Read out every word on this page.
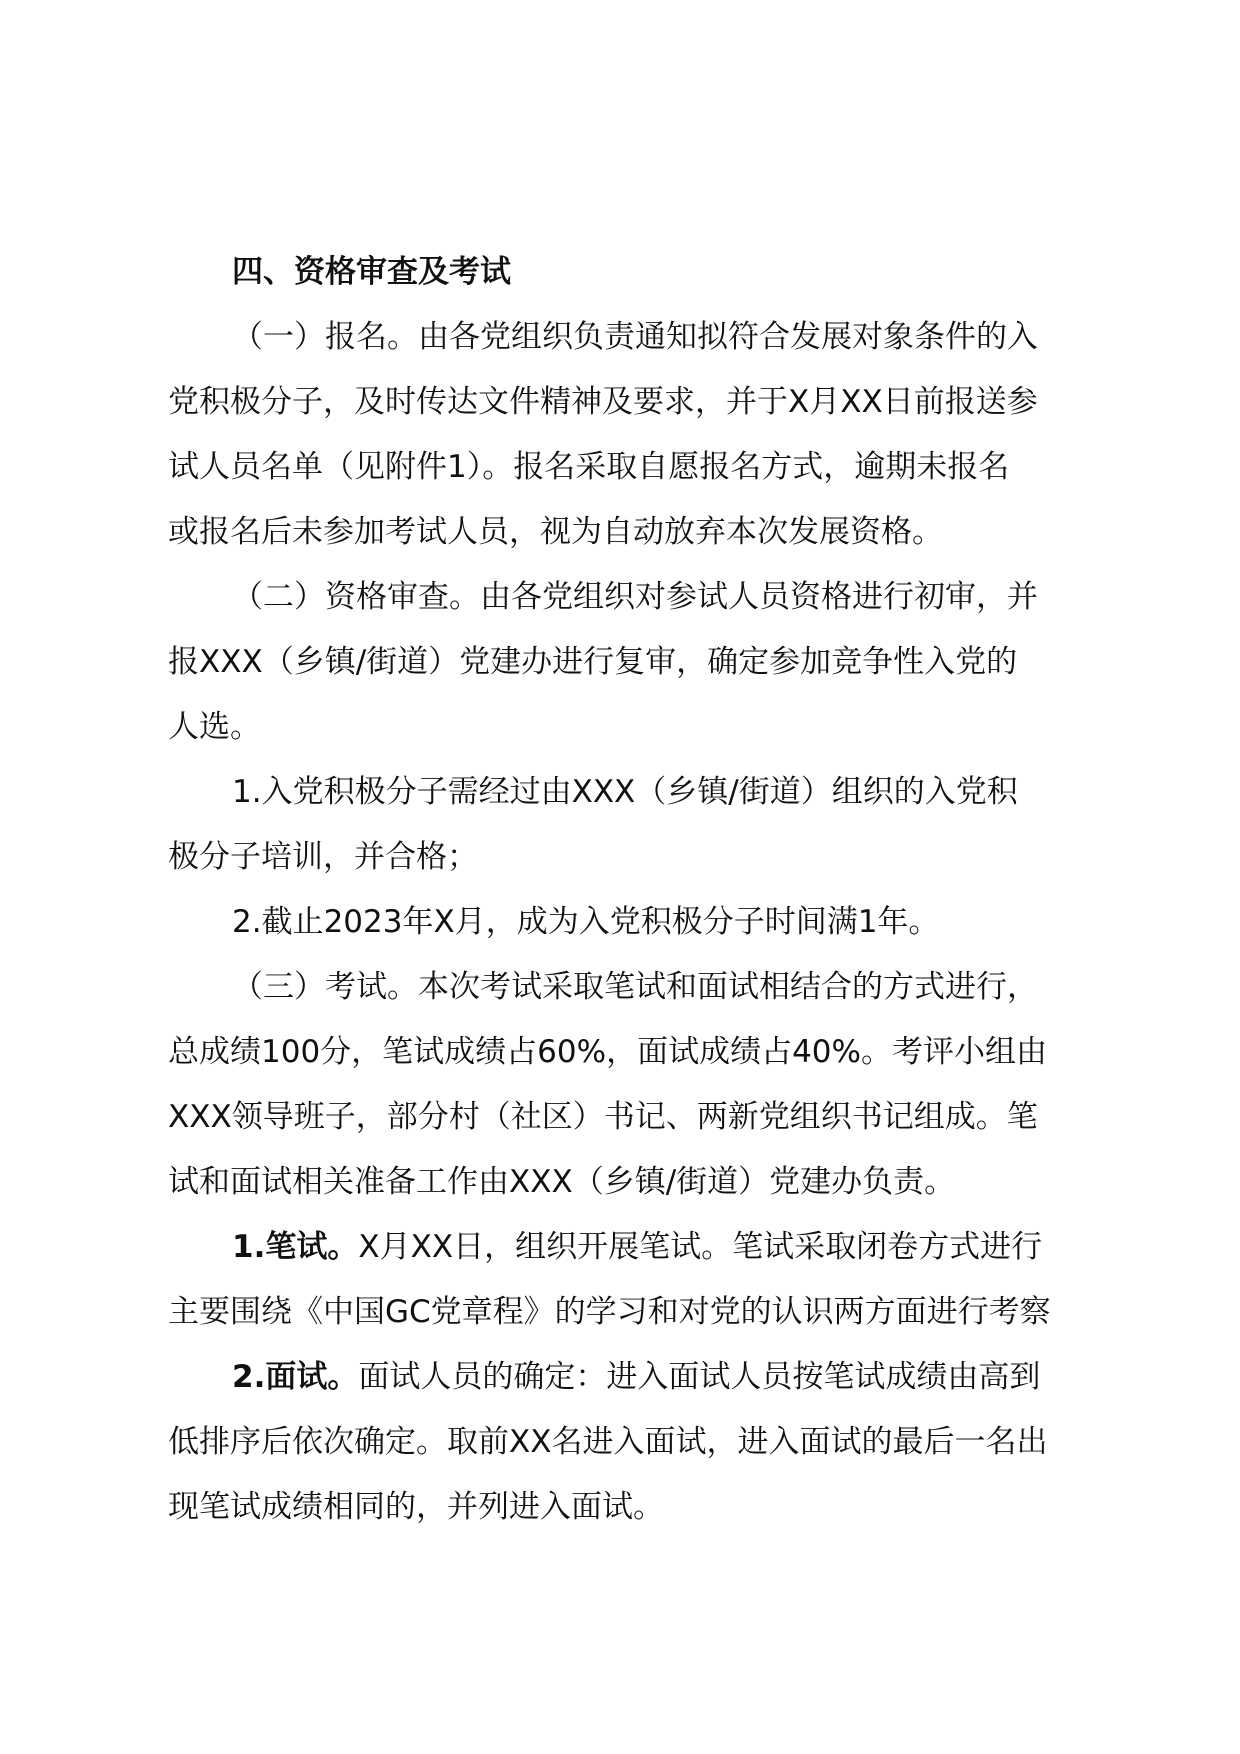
四、资格审查及考试
（一）报名。由各党组织负责通知拟符合发展对象条件的入
党积极分子，及时传达文件精神及要求，并于X月XX日前报送参
试人员名单（见附件1）。报名采取自愿报名方式，逾期未报名
或报名后未参加考试人员，视为自动放弃本次发展资格。
（二）资格审查。由各党组织对参试人员资格进行初审，并
报XXX（乡镇/街道）党建办进行复审，确定参加竞争性入党的
人选。
1.入党积极分子需经过由XXX（乡镇/街道）组织的入党积
极分子培训，并合格；
2.截止2023年X月，成为入党积极分子时间满1年。
（三）考试。本次考试采取笔试和面试相结合的方式进行，
总成绩100分，笔试成绩占60%，面试成绩占40%。考评小组由
XXX领导班子，部分村（社区）书记、两新党组织书记组成。笔
试和面试相关准备工作由XXX（乡镇/街道）党建办负责。
1.笔试。X月XX日，组织开展笔试。笔试采取闭卷方式进行
主要围绕《中国GC党章程》的学习和对党的认识两方面进行考察
2.面试。面试人员的确定：进入面试人员按笔试成绩由高到
低排序后依次确定。取前XX名进入面试，进入面试的最后一名出
现笔试成绩相同的，并列进入面试。
